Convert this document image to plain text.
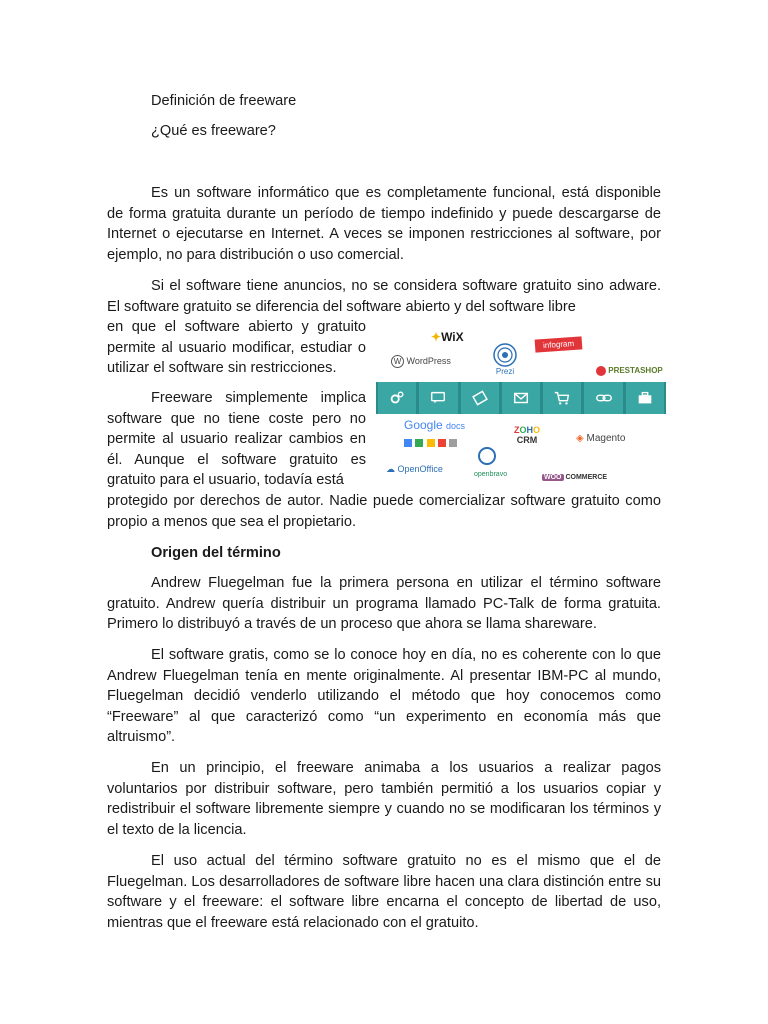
Definición de freeware
¿Qué es freeware?

Es un software informático que es completamente funcional, está disponible de forma gratuita durante un período de tiempo indefinido y puede descargarse de Internet o ejecutarse en Internet. A veces se imponen restricciones al software, por ejemplo, no para distribución o uso comercial.

Si el software tiene anuncios, no se considera software gratuito sino adware. El software gratuito se diferencia del software abierto y del software libre

en que el software abierto y gratuito permite al usuario modificar, estudiar o utilizar el software sin restricciones.

Freeware simplemente implica software que no tiene coste pero no permite al usuario realizar cambios en él. Aunque el software gratuito es gratuito para el usuario, todavía está

protegido por derechos de autor. Nadie puede comercializar software gratuito como propio a menos que sea el propietario.

Origen del término

Andrew Fluegelman fue la primera persona en utilizar el término software gratuito. Andrew quería distribuir un programa llamado PC-Talk de forma gratuita. Primero lo distribuyó a través de un proceso que ahora se llama shareware.

El software gratis, como se lo conoce hoy en día, no es coherente con lo que Andrew Fluegelman tenía en mente originalmente. Al presentar IBM-PC al mundo, Fluegelman decidió venderlo utilizando el método que hoy conocemos como “Freeware” al que caracterizó como “un experimento en economía más que altruismo”.

En un principio, el freeware animaba a los usuarios a realizar pagos voluntarios por distribuir software, pero también permitió a los usuarios copiar y redistribuir el software libremente siempre y cuando no se modificaran los términos y el texto de la licencia.

El uso actual del término software gratuito no es el mismo que el de Fluegelman. Los desarrolladores de software libre hacen una clara distinción entre su software y el freeware: el software libre encarna el concepto de libertad de uso, mientras que el freeware está relacionado con el gratuito.

✦WiX
W WordPress
Prezi
infogram
PRESTASHOP
Google docs
	ZOHO
CRM	◈ Magento
☁ OpenOffice
openbravo	WOO COMMERCE
